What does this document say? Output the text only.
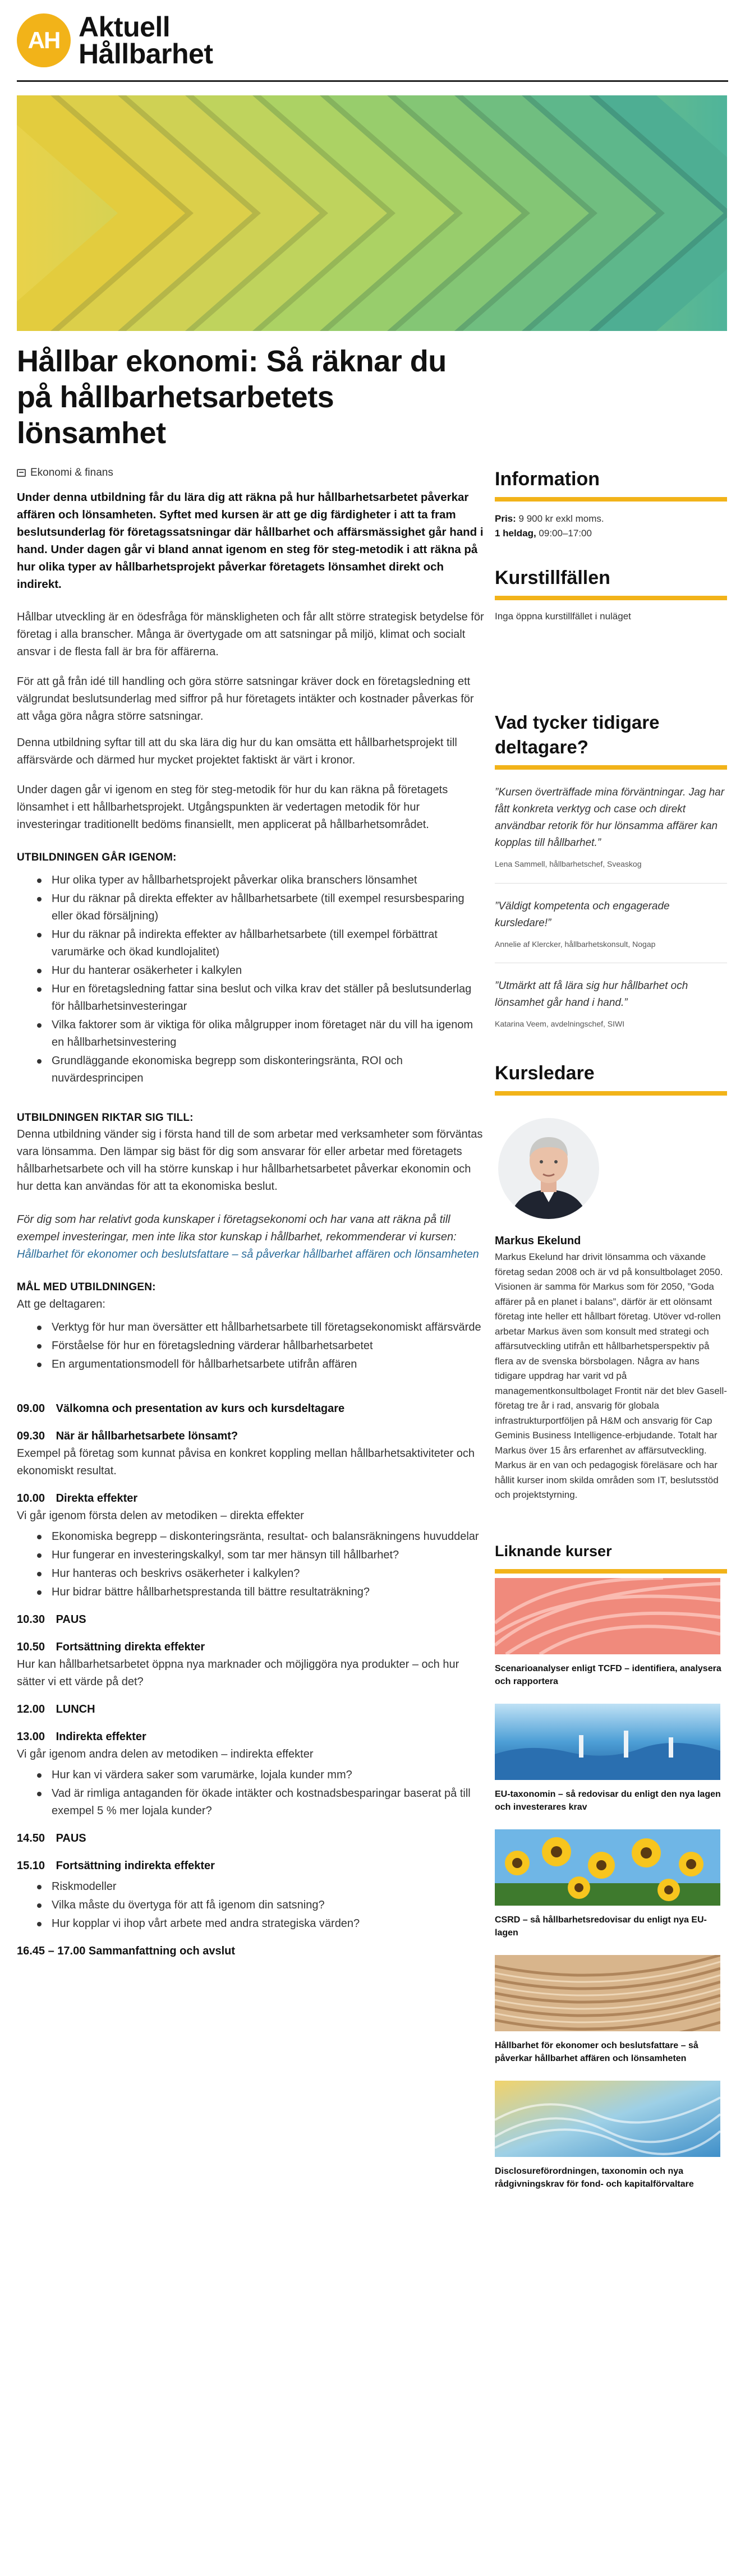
AH Aktuell
Hållbarhet
Hållbar ekonomi: Så räknar du på hållbarhetsarbetets lönsamhet
Ekonomi & finans
Under denna utbildning får du lära dig att räkna på hur hållbarhetsarbetet påverkar affären och lönsamheten. Syftet med kursen är att ge dig färdigheter i att ta fram beslutsunderlag för företagssatsningar där hållbarhet och affärsmässighet går hand i hand. Under dagen går vi bland annat igenom en steg för steg-metodik i att räkna på hur olika typer av hållbarhetsprojekt påverkar företagets lönsamhet direkt och indirekt.

Hållbar utveckling är en ödesfråga för mänskligheten och får allt större strategisk betydelse för företag i alla branscher. Många är övertygade om att satsningar på miljö, klimat och socialt ansvar i de flesta fall är bra för affärerna.

För att gå från idé till handling och göra större satsningar kräver dock en företagsledning ett välgrundat beslutsunderlag med siffror på hur företagets intäkter och kostnader påverkas för att våga göra några större satsningar.

Denna utbildning syftar till att du ska lära dig hur du kan omsätta ett hållbarhetsprojekt till affärsvärde och därmed hur mycket projektet faktiskt är värt i kronor.

Under dagen går vi igenom en steg för steg-metodik för hur du kan räkna på företagets lönsamhet i ett hållbarhetsprojekt. Utgångspunkten är vedertagen metodik för hur investeringar traditionellt bedöms finansiellt, men applicerat på hållbarhetsområdet.

UTBILDNINGEN GÅR IGENOM:
Hur olika typer av hållbarhetsprojekt påverkar olika branschers lönsamhet
Hur du räknar på direkta effekter av hållbarhetsarbete (till exempel resursbesparing eller ökad försäljning)
Hur du räknar på indirekta effekter av hållbarhetsarbete (till exempel förbättrat varumärke och ökad kundlojalitet)
Hur du hanterar osäkerheter i kalkylen
Hur en företagsledning fattar sina beslut och vilka krav det ställer på beslutsunderlag för hållbarhetsinvesteringar
Vilka faktorer som är viktiga för olika målgrupper inom företaget när du vill ha igenom en hållbarhetsinvestering
Grundläggande ekonomiska begrepp som diskonteringsränta, ROI och nuvärdesprincipen
UTBILDNINGEN RIKTAR SIG TILL:
Denna utbildning vänder sig i första hand till de som arbetar med verksamheter som förväntas vara lönsamma. Den lämpar sig bäst för dig som ansvarar för eller arbetar med företagets hållbarhetsarbete och vill ha större kunskap i hur hållbarhetsarbetet påverkar ekonomin och hur detta kan användas för att ta ekonomiska beslut.
För dig som har relativt goda kunskaper i företagsekonomi och har vana att räkna på till exempel investeringar, men inte lika stor kunskap i hållbarhet, rekommenderar vi kursen: Hållbarhet för ekonomer och beslutsfattare – så påverkar hållbarhet affären och lönsamheten
MÅL MED UTBILDNINGEN:
Att ge deltagaren:
Verktyg för hur man översätter ett hållbarhetsarbete till företagsekonomiskt affärsvärde
Förståelse för hur en företagsledning värderar hållbarhetsarbetet
En argumentationsmodell för hållbarhetsarbete utifrån affären
09.00 Välkomna och presentation av kurs och kursdeltagare
09.30 När är hållbarhetsarbete lönsamt?
Exempel på företag som kunnat påvisa en konkret koppling mellan hållbarhetsaktiviteter och ekonomiskt resultat.
10.00 Direkta effekter
Vi går igenom första delen av metodiken – direkta effekter
Ekonomiska begrepp – diskonteringsränta, resultat- och balansräkningens huvuddelar
Hur fungerar en investeringskalkyl, som tar mer hänsyn till hållbarhet?
Hur hanteras och beskrivs osäkerheter i kalkylen?
Hur bidrar bättre hållbarhetsprestanda till bättre resultaträkning?
10.30 PAUS
10.50 Fortsättning direkta effekter
Hur kan hållbarhetsarbetet öppna nya marknader och möjliggöra nya produkter – och hur sätter vi ett värde på det?
12.00 LUNCH
13.00 Indirekta effekter
Vi går igenom andra delen av metodiken – indirekta effekter
Hur kan vi värdera saker som varumärke, lojala kunder mm?
Vad är rimliga antaganden för ökade intäkter och kostnadsbesparingar baserat på till exempel 5 % mer lojala kunder?
14.50 PAUS
15.10 Fortsättning indirekta effekter
Riskmodeller
Vilka måste du övertyga för att få igenom din satsning?
Hur kopplar vi ihop vårt arbete med andra strategiska värden?
16.45 – 17.00 Sammanfattning och avslut
Information
Pris: 9 900 kr exkl moms.
1 heldag, 09:00–17:00
Kurstillfällen
Inga öppna kurstillfället i nuläget
Vad tycker tidigare deltagare?
”Kursen överträffade mina förväntningar. Jag har fått konkreta verktyg och case och direkt användbar retorik för hur lönsamma affärer kan kopplas till hållbarhet.”
Lena Sammell, hållbarhetschef, Sveaskog
”Väldigt kompetenta och engagerade kursledare!”
Annelie af Klercker, hållbarhetskonsult, Nogap
”Utmärkt att få lära sig hur hållbarhet och lönsamhet går hand i hand.”
Katarina Veem, avdelningschef, SIWI
Kursledare
Markus Ekelund
Markus Ekelund har drivit lönsamma och växande företag sedan 2008 och är vd på konsultbolaget 2050. Visionen är samma för Markus som för 2050, ”Goda affärer på en planet i balans”, därför är ett olönsamt företag inte heller ett hållbart företag. Utöver vd-rollen arbetar Markus även som konsult med strategi och affärsutveckling utifrån ett hållbarhetsperspektiv på flera av de svenska börsbolagen. Några av hans tidigare uppdrag har varit vd på managementkonsultbolaget Frontit när det blev Gasell-företag tre år i rad, ansvarig för globala infrastrukturportföljen på H&M och ansvarig för Cap Geminis Business Intelligence-erbjudande. Totalt har Markus över 15 års erfarenhet av affärsutveckling. Markus är en van och pedagogisk föreläsare och har hållit kurser inom skilda områden som IT, beslutsstöd och projektstyrning.
Liknande kurser
Scenarioanalyser enligt TCFD – identifiera, analysera och rapportera
EU-taxonomin – så redovisar du enligt den nya lagen och investerares krav
CSRD – så hållbarhetsredovisar du enligt nya EU-lagen
Hållbarhet för ekonomer och beslutsfattare – så påverkar hållbarhet affären och lönsamheten
Disclosureförordningen, taxonomin och nya rådgivningskrav för fond- och kapitalförvaltare
